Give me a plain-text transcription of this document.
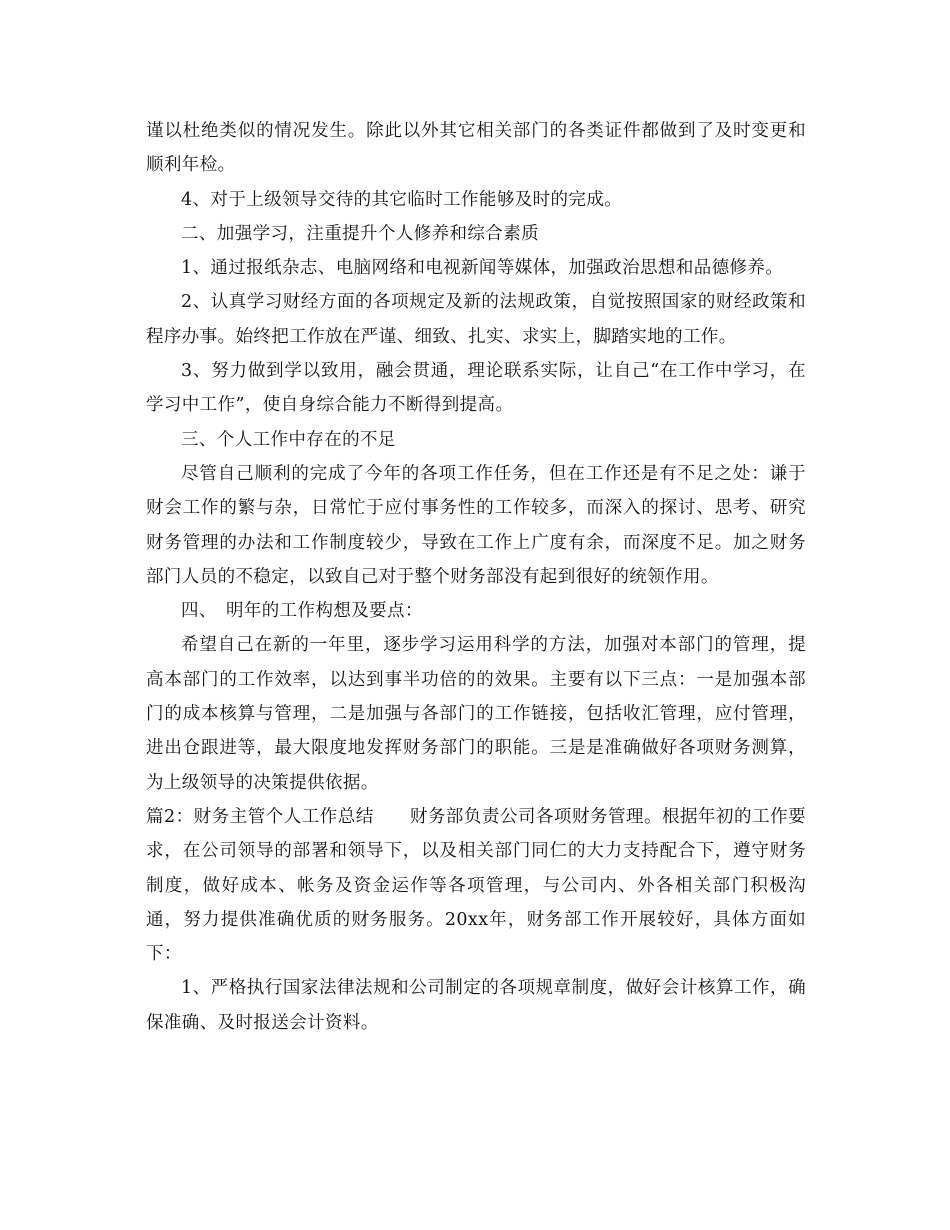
谨以杜绝类似的情况发生。除此以外其它相关部门的各类证件都做到了及时变更和顺利年检。

4、对于上级领导交待的其它临时工作能够及时的完成。

二、加强学习，注重提升个人修养和综合素质

1、通过报纸杂志、电脑网络和电视新闻等媒体，加强政治思想和品德修养。

2、认真学习财经方面的各项规定及新的法规政策，自觉按照国家的财经政策和程序办事。始终把工作放在严谨、细致、扎实、求实上，脚踏实地的工作。

3、努力做到学以致用，融会贯通，理论联系实际，让自己“在工作中学习，在学习中工作”，使自身综合能力不断得到提高。

三、个人工作中存在的不足

尽管自己顺利的完成了今年的各项工作任务，但在工作还是有不足之处：谦于财会工作的繁与杂，日常忙于应付事务性的工作较多，而深入的探讨、思考、研究财务管理的办法和工作制度较少，导致在工作上广度有余，而深度不足。加之财务部门人员的不稳定，以致自己对于整个财务部没有起到很好的统领作用。

四、　明年的工作构想及要点：

希望自己在新的一年里，逐步学习运用科学的方法，加强对本部门的管理，提高本部门的工作效率，以达到事半功倍的的效果。主要有以下三点：一是加强本部门的成本核算与管理，二是加强与各部门的工作链接，包括收汇管理，应付管理，进出仓跟进等，最大限度地发挥财务部门的职能。三是是准确做好各项财务测算，为上级领导的决策提供依据。

篇2：财务主管个人工作总结　　财务部负责公司各项财务管理。根据年初的工作要求，在公司领导的部署和领导下，以及相关部门同仁的大力支持配合下，遵守财务制度，做好成本、帐务及资金运作等各项管理，与公司内、外各相关部门积极沟通，努力提供准确优质的财务服务。20xx年，财务部工作开展较好，具体方面如下：

1、严格执行国家法律法规和公司制定的各项规章制度，做好会计核算工作，确保准确、及时报送会计资料。
